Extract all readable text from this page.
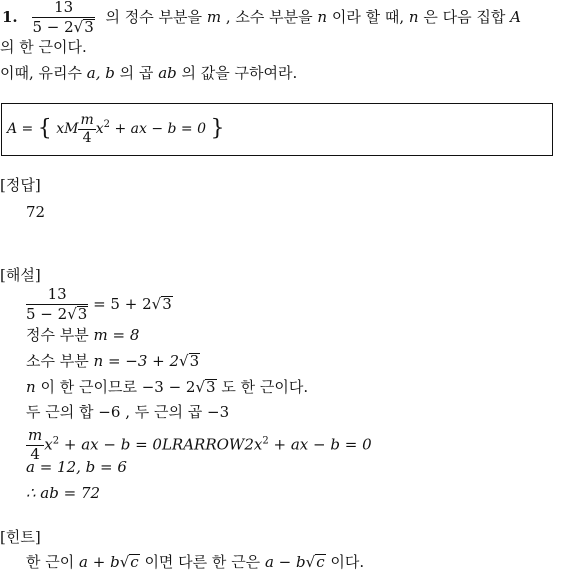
1. $\frac{13}{5 - 2√3}$ 의 정수 부분을 m , 소수 부분을 n 이라 할 때, n 은 다음 집합 A
의 한 근이다.
이때, 유리수 a, b 의 곱 ab 의 값을 구하여라.
A = { xM $\frac{m}{4} x^2$ + ax − b = 0 }
[정답]
72
[해설]
$\frac{13}{5 - 2√3} = 5 + 2√3$
정수 부분 m = 8
소수 부분 n = −3 + 2√3
n 이 한 근이므로 −3 − 2√3 도 한 근이다.
두 근의 합 −6 , 두 근의 곱 −3
$\frac{m}{4} x^2$ + ax − $b = 0LRARROW2x^2$ + ax − b = 0
a = 12, b = 6
∴ ab = 72
[힌트]
한 근이 a + b√c 이면 다른 한 근은 a − b√c 이다.
